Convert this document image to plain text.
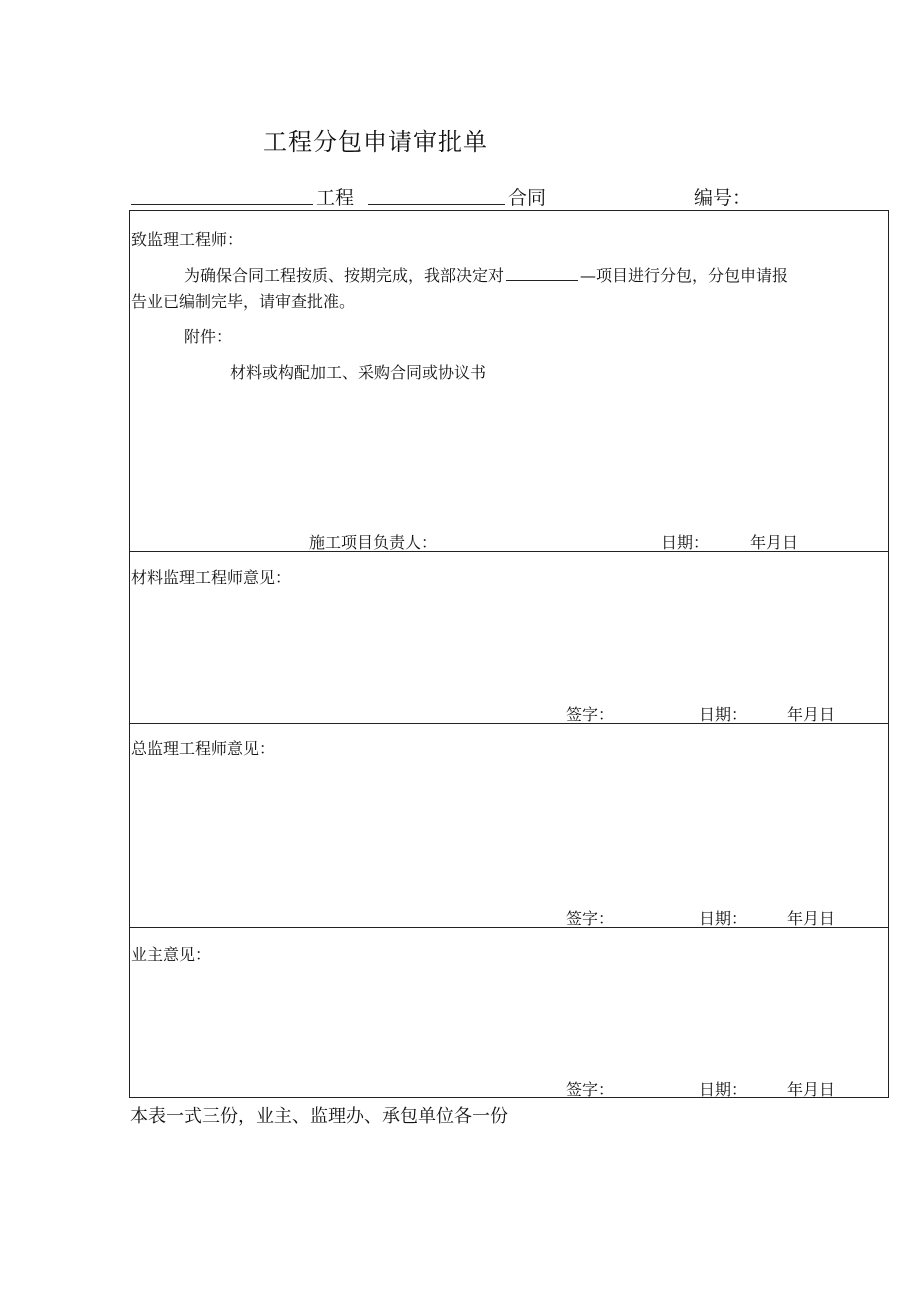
工程分包申请审批单
工程	合同	编号：
致监理工程师：
为确保合同工程按质、按期完成，我部决定对	—项目进行分包，分包申请报
告业已编制完毕，请审查批准。
附件：
材料或构配加工、采购合同或协议书
施工项目负责人：	日期：	年月日
材料监理工程师意见：
签字：	日期： 年月日
总监理工程师意见：
签字：	日期： 年月日
业主意见：
签字：	日期： 年月日
本表一式三份，业主、监理办、承包单位各一份
